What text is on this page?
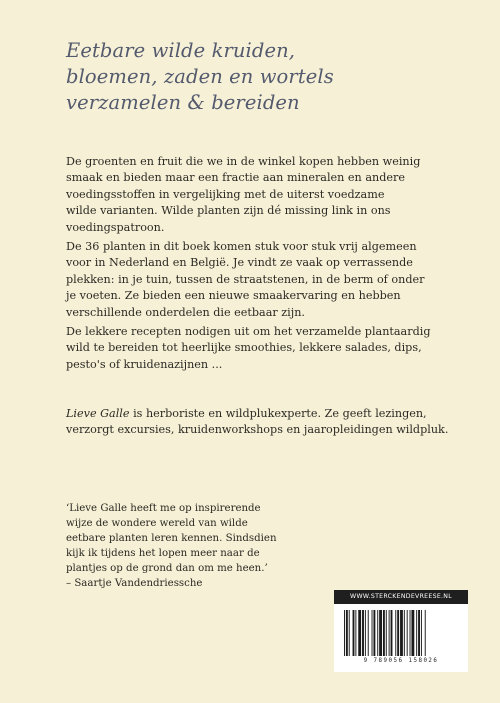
Eetbare wilde kruiden,
bloemen, zaden en wortels
verzamelen & bereiden
De groenten en fruit die we in de winkel kopen hebben weinig
smaak en bieden maar een fractie aan mineralen en andere
voedingsstoffen in vergelijking met de uiterst voedzame
wilde varianten. Wilde planten zijn dé missing link in ons
voedingspatroon.
De 36 planten in dit boek komen stuk voor stuk vrij algemeen
voor in Nederland en België. Je vindt ze vaak op verrassende
plekken: in je tuin, tussen de straatstenen, in de berm of onder
je voeten. Ze bieden een nieuwe smaakervaring en hebben
verschillende onderdelen die eetbaar zijn.
De lekkere recepten nodigen uit om het verzamelde plantaardig
wild te bereiden tot heerlijke smoothies, lekkere salades, dips,
pesto's of kruidenazijnen ...
Lieve Galle is herboriste en wildplukexperte. Ze geeft lezingen,
verzorgt excursies, kruidenworkshops en jaaropleidingen wildpluk.
‘Lieve Galle heeft me op inspirerende
wijze de wondere wereld van wilde
eetbare planten leren kennen. Sindsdien
kijk ik tijdens het lopen meer naar de
plantjes op de grond dan om me heen.’
– Saartje Vandendriessche
WWW.STERCKENDEVREESE.NL
9 789056 158026
